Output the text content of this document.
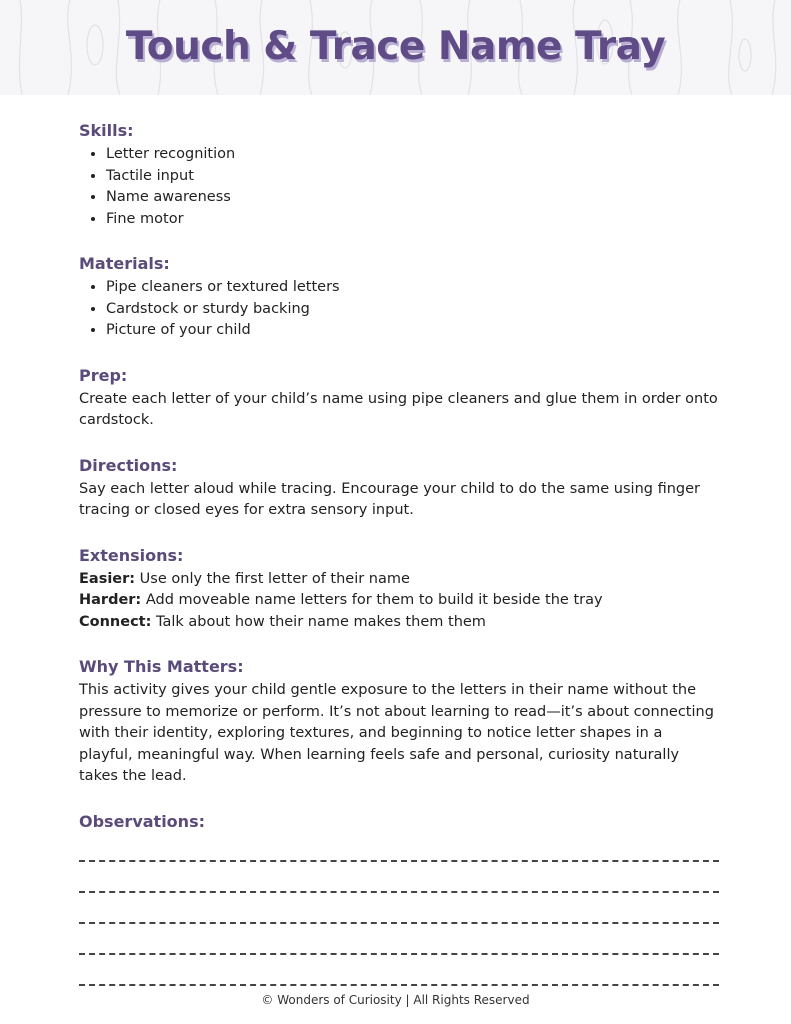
Touch & Trace Name Tray
Skills:
• Letter recognition
• Tactile input
• Name awareness
• Fine motor
Materials:
• Pipe cleaners or textured letters
• Cardstock or sturdy backing
• Picture of your child
Prep:
Create each letter of your child’s name using pipe cleaners and glue them in order onto cardstock.
Directions:
Say each letter aloud while tracing. Encourage your child to do the same using finger tracing or closed eyes for extra sensory input.
Extensions:
Easier: Use only the first letter of their name
Harder: Add moveable name letters for them to build it beside the tray
Connect: Talk about how their name makes them them
Why This Matters:
This activity gives your child gentle exposure to the letters in their name without the pressure to memorize or perform. It’s not about learning to read—it’s about connecting with their identity, exploring textures, and beginning to notice letter shapes in a playful, meaningful way. When learning feels safe and personal, curiosity naturally takes the lead.
Observations:
© Wonders of Curiosity | All Rights Reserved
